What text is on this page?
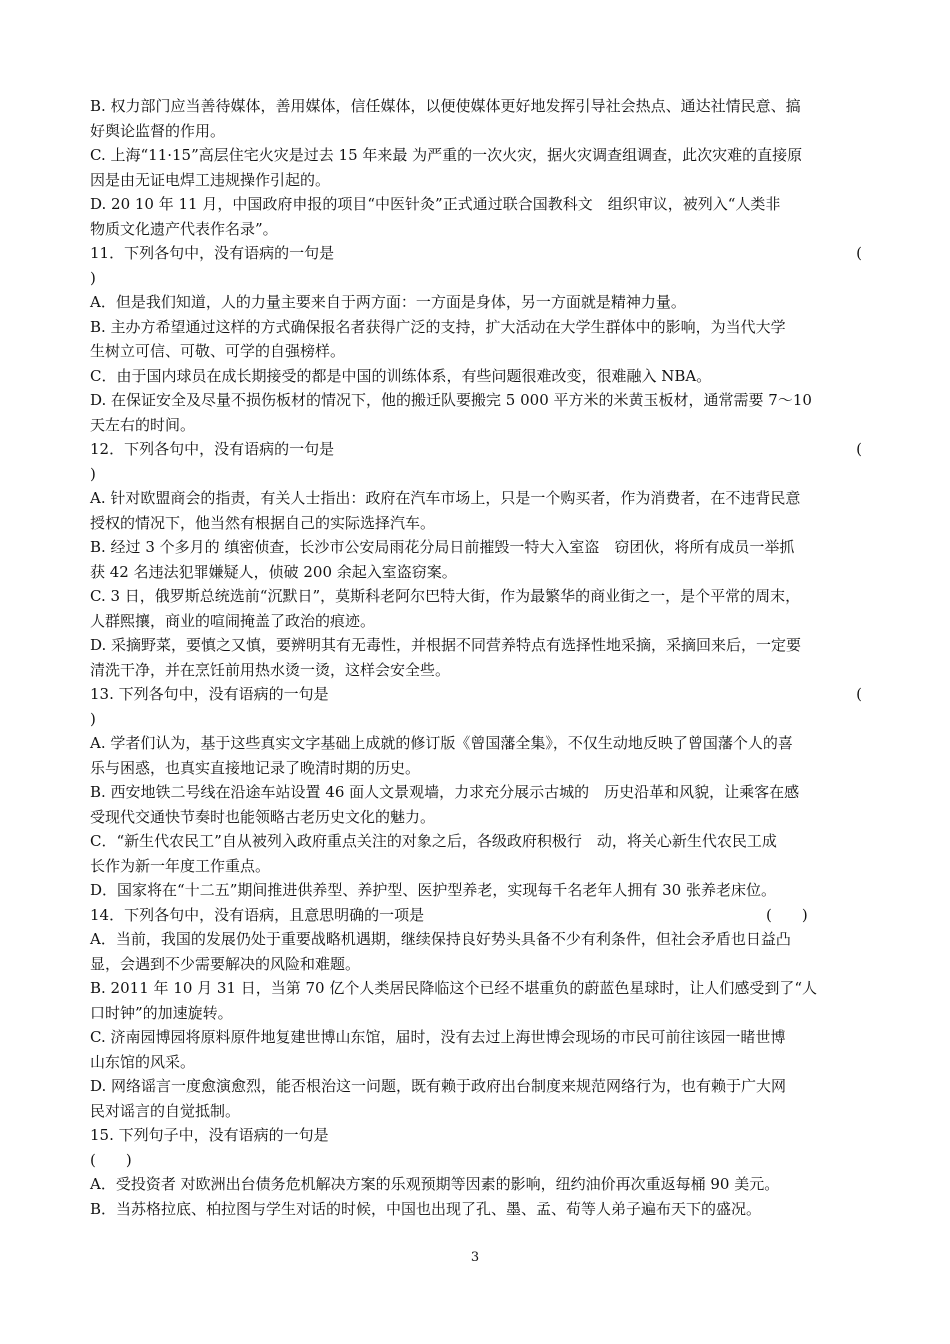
B. 权力部门应当善待媒体，善用媒体，信任媒体，以便使媒体更好地发挥引导社会热点、通达社情民意、搞
好舆论监督的作用。
C. 上海“11·15”高层住宅火灾是过去 15 年来最 为严重的一次火灾，据火灾调查组调查，此次灾难的直接原
因是由无证电焊工违规操作引起的。
D. 20 10 年 11 月，中国政府申报的项目“中医针灸”正式通过联合国教科文　组织审议，被列入“人类非
物质文化遗产代表作名录”。
11．下列各句中，没有语病的一句是	(
)
A．但是我们知道，人的力量主要来自于两方面：一方面是身体，另一方面就是精神力量。
B. 主办方希望通过这样的方式确保报名者获得广泛的支持，扩大活动在大学生群体中的影响，为当代大学
生树立可信、可敬、可学的自强榜样。
C．由于国内球员在成长期接受的都是中国的训练体系，有些问题很难改变，很难融入 NBA。
D. 在保证安全及尽量不损伤板材的情况下，他的搬迁队要搬完 5 000 平方米的米黄玉板材，通常需要 7～10
天左右的时间。
12．下列各句中，没有语病的一句是	(
)
A. 针对欧盟商会的指责，有关人士指出：政府在汽车市场上，只是一个购买者，作为消费者，在不违背民意
授权的情况下，他当然有根据自己的实际选择汽车。
B. 经过 3 个多月的 缜密侦查，长沙市公安局雨花分局日前摧毁一特大入室盗　窃团伙，将所有成员一举抓
获 42 名违法犯罪嫌疑人，侦破 200 余起入室盗窃案。
C. 3 日，俄罗斯总统选前“沉默日”，莫斯科老阿尔巴特大街，作为最繁华的商业街之一，是个平常的周末，
人群熙攘，商业的喧闹掩盖了政治的痕迹。
D. 采摘野菜，要慎之又慎，要辨明其有无毒性，并根据不同营养特点有选择性地采摘，采摘回来后，一定要
清洗干净，并在烹饪前用热水烫一烫，这样会安全些。
13. 下列各句中，没有语病的一句是	(
)
A. 学者们认为，基于这些真实文字基础上成就的修订版《曾国藩全集》，不仅生动地反映了曾国藩个人的喜
乐与困惑，也真实直接地记录了晚清时期的历史。
B. 西安地铁二号线在沿途车站设置 46 面人文景观墙，力求充分展示古城的　历史沿革和风貌，让乘客在感
受现代交通快节奏时也能领略古老历史文化的魅力。
C．“新生代农民工”自从被列入政府重点关注的对象之后，各级政府积极行　动，将关心新生代农民工成
长作为新一年度工作重点。
D．国家将在“十二五”期间推进供养型、养护型、医护型养老，实现每千名老年人拥有 30 张养老床位。
14．下列各句中，没有语病，且意思明确的一项是	(　　)
A．当前，我国的发展仍处于重要战略机遇期，继续保持良好势头具备不少有利条件，但社会矛盾也日益凸
显，会遇到不少需要解决的风险和难题。
B. 2011 年 10 月 31 日，当第 70 亿个人类居民降临这个已经不堪重负的蔚蓝色星球时，让人们感受到了“人
口时钟”的加速旋转。
C. 济南园博园将原料原件地复建世博山东馆，届时，没有去过上海世博会现场的市民可前往该园一睹世博
山东馆的风采。
D. 网络谣言一度愈演愈烈，能否根治这一问题，既有赖于政府出台制度来规范网络行为，也有赖于广大网
民对谣言的自觉抵制。
15. 下列句子中，没有语病的一句是
(　　)
A．受投资者 对欧洲出台债务危机解决方案的乐观预期等因素的影响，纽约油价再次重返每桶 90 美元。
B．当苏格拉底、柏拉图与学生对话的时候，中国也出现了孔、墨、孟、荀等人弟子遍布天下的盛况。
3
